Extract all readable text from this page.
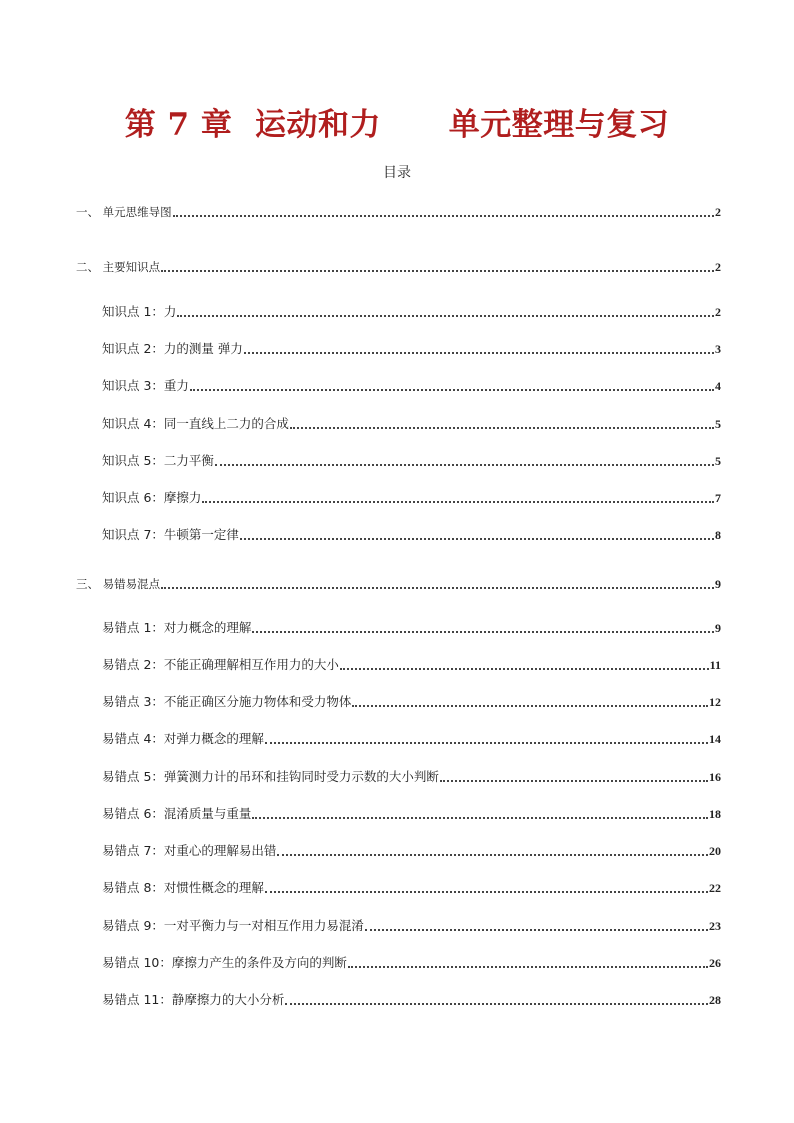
第 7 章  运动和力      单元整理与复习
目录
一、 单元思维导图	2
二、 主要知识点	2
知识点 1：力	2
知识点 2：力的测量 弹力	3
知识点 3：重力	4
知识点 4：同一直线上二力的合成	5
知识点 5：二力平衡	5
知识点 6：摩擦力	7
知识点 7：牛顿第一定律	8
三、 易错易混点	9
易错点 1：对力概念的理解	9
易错点 2：不能正确理解相互作用力的大小	11
易错点 3：不能正确区分施力物体和受力物体	12
易错点 4：对弹力概念的理解	14
易错点 5：弹簧测力计的吊环和挂钩同时受力示数的大小判断	16
易错点 6：混淆质量与重量	18
易错点 7：对重心的理解易出错	20
易错点 8：对惯性概念的理解	22
易错点 9：一对平衡力与一对相互作用力易混淆	23
易错点 10：摩擦力产生的条件及方向的判断	26
易错点 11：静摩擦力的大小分析	28
